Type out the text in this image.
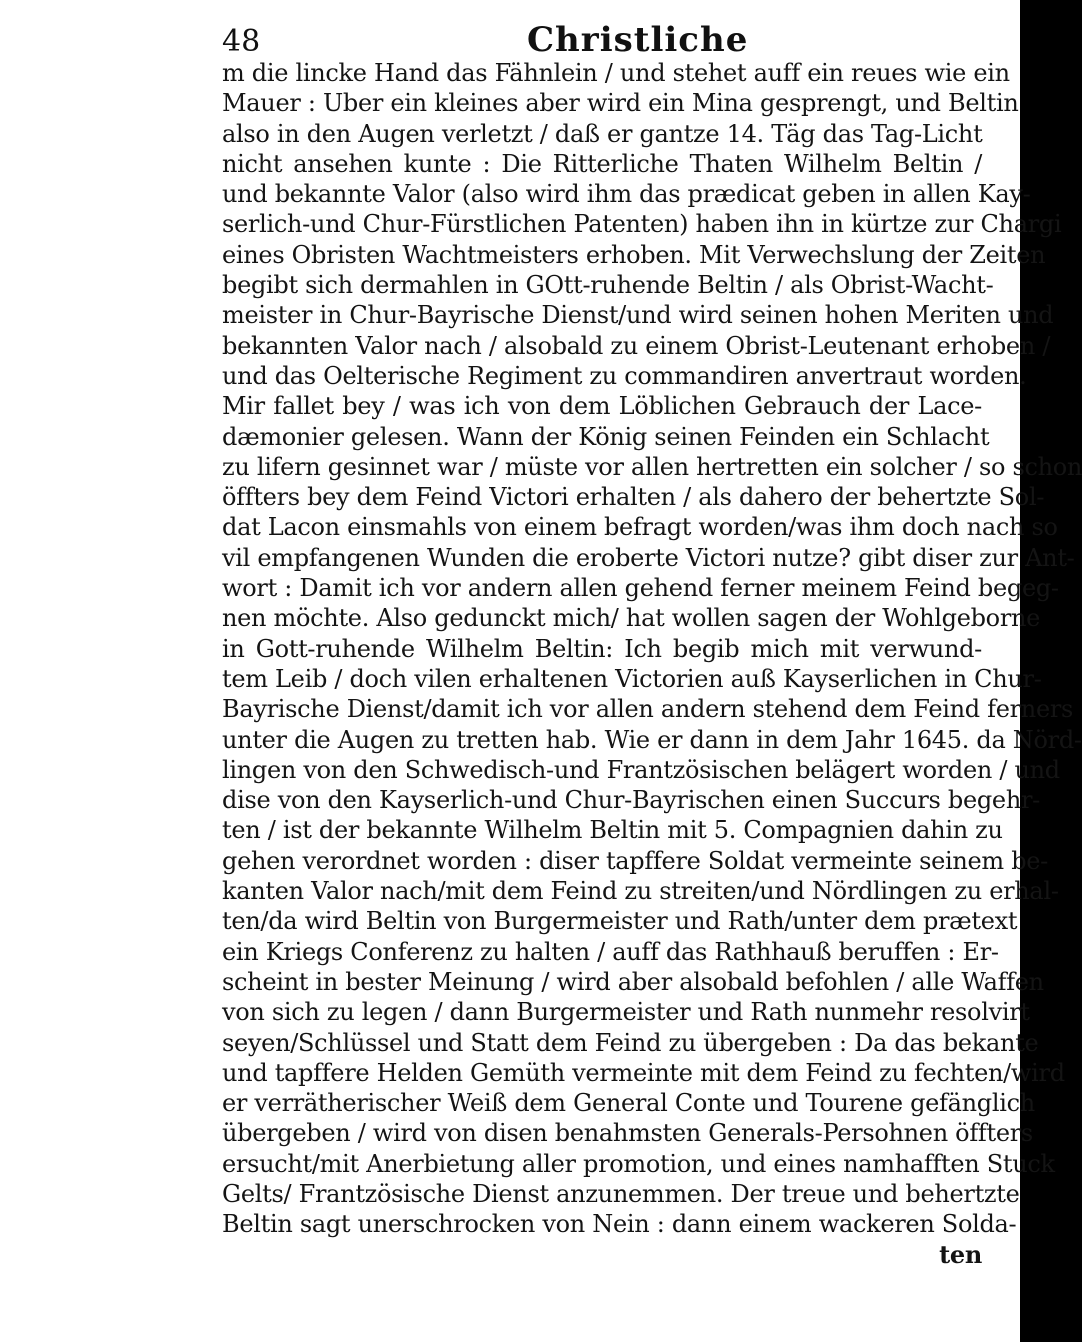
48	Christliche
m die lincke Hand das Fähnlein / und stehet auff ein reues wie ein
Mauer : Uber ein kleines aber wird ein Mina gesprengt, und Beltin
also in den Augen verletzt / daß er gantze 14. Täg das Tag-Licht
nicht ansehen kunte : Die Ritterliche Thaten Wilhelm Beltin /
und bekannte Valor (also wird ihm das prædicat geben in allen Kay-
serlich-und Chur-Fürstlichen Patenten) haben ihn in kürtze zur Chargi
eines Obristen Wachtmeisters erhoben. Mit Verwechslung der Zeiten
begibt sich dermahlen in GOtt-ruhende Beltin / als Obrist-Wacht-
meister in Chur-Bayrische Dienst/und wird seinen hohen Meriten und
bekannten Valor nach / alsobald zu einem Obrist-Leutenant erhoben /
und das Oelterische Regiment zu commandiren anvertraut worden.
Mir fallet bey / was ich von dem Löblichen Gebrauch der Lace-
dæmonier gelesen. Wann der König seinen Feinden ein Schlacht
zu lifern gesinnet war / müste vor allen hertretten ein solcher / so schon
öffters bey dem Feind Victori erhalten / als dahero der behertzte Sol-
dat Lacon einsmahls von einem befragt worden/was ihm doch nach so
vil empfangenen Wunden die eroberte Victori nutze? gibt diser zur Ant-
wort : Damit ich vor andern allen gehend ferner meinem Feind begeg-
nen möchte. Also gedunckt mich/ hat wollen sagen der Wohlgeborne
in Gott-ruhende Wilhelm Beltin: Ich begib mich mit verwund-
tem Leib / doch vilen erhaltenen Victorien auß Kayserlichen in Chur-
Bayrische Dienst/damit ich vor allen andern stehend dem Feind ferners
unter die Augen zu tretten hab. Wie er dann in dem Jahr 1645. da Nörd-
lingen von den Schwedisch-und Frantzösischen belägert worden / und
dise von den Kayserlich-und Chur-Bayrischen einen Succurs begehr-
ten / ist der bekannte Wilhelm Beltin mit 5. Compagnien dahin zu
gehen verordnet worden : diser tapffere Soldat vermeinte seinem be-
kanten Valor nach/mit dem Feind zu streiten/und Nördlingen zu erhal-
ten/da wird Beltin von Burgermeister und Rath/unter dem prætext
ein Kriegs Conferenz zu halten / auff das Rathhauß beruffen : Er-
scheint in bester Meinung / wird aber alsobald befohlen / alle Waffen
von sich zu legen / dann Burgermeister und Rath nunmehr resolvirt
seyen/Schlüssel und Statt dem Feind zu übergeben : Da das bekante
und tapffere Helden Gemüth vermeinte mit dem Feind zu fechten/wird
er verrätherischer Weiß dem General Conte und Tourene gefänglich
übergeben / wird von disen benahmsten Generals-Persohnen öffters
ersucht/mit Anerbietung aller promotion, und eines namhafften Stuck
Gelts/ Frantzösische Dienst anzunemmen. Der treue und behertzte
Beltin sagt unerschrocken von Nein : dann einem wackeren Solda-
ten
